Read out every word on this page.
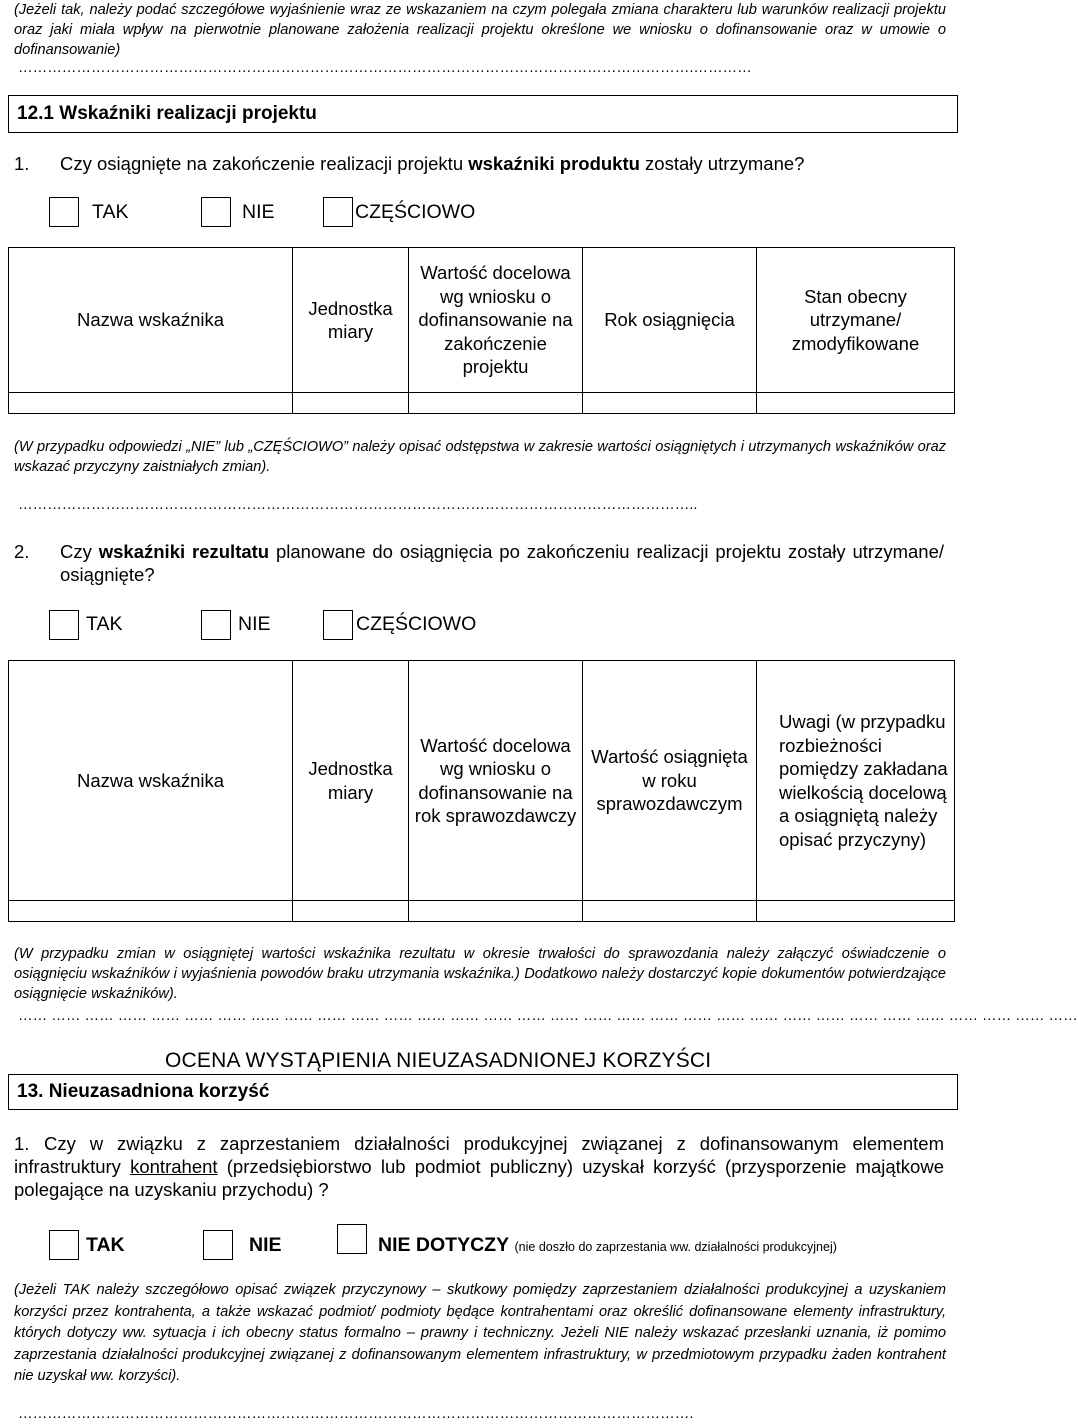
(Jeżeli tak, należy podać szczegółowe wyjaśnienie wraz ze wskazaniem na czym polegała zmiana charakteru lub warunków realizacji projektu oraz jaki miała wpływ na pierwotnie planowane założenia realizacji projektu określone we wniosku o dofinansowanie oraz w umowie o dofinansowanie)
………………………………………………………………………………………………………………………….…………
12.1 Wskaźniki realizacji projektu
1. Czy osiągnięte na zakończenie realizacji projektu wskaźniki produktu zostały utrzymane?
TAK	NIE	CZĘŚCIOWO
Nazwa wskaźnika	Jednostka miary	Wartość docelowa wg wniosku o dofinansowanie na zakończenie projektu	Rok osiągnięcia	Stan obecny utrzymane/ zmodyfikowane

(W przypadku odpowiedzi „NIE” lub „CZĘŚCIOWO” należy opisać odstępstwa w zakresie wartości osiągniętych i utrzymanych wskaźników oraz wskazać przyczyny zaistniałych zmian).
…………………………………………………………………………………………………………………………..
2.	Czy wskaźniki rezultatu planowane do osiągnięcia po zakończeniu realizacji projektu zostały utrzymane/ osiągnięte?
TAK	NIE	CZĘŚCIOWO
Nazwa wskaźnika	Jednostka miary	Wartość docelowa wg wniosku o dofinansowanie na rok sprawozdawczy	Wartość osiągnięta w roku sprawozdawczym	Uwagi (w przypadku rozbieżności pomiędzy zakładana wielkością docelową a osiągniętą należy opisać przyczyny)

(W przypadku zmian w osiągniętej wartości wskaźnika rezultatu w okresie trwałości do sprawozdania należy załączyć oświadczenie o osiągnięciu wskaźników i wyjaśnienia powodów braku utrzymania wskaźnika.) Dodatkowo należy dostarczyć kopie dokumentów potwierdzające osiągnięcie wskaźników).
…… …… …… …… …… …… …… …… …… …… …… …… …… …… …… …… …… …… …… …… …… …… …… …… …… …… …… …… …… …… …… ……
OCENA WYSTĄPIENIA NIEUZASADNIONEJ KORZYŚCI
13. Nieuzasadniona korzyść
1. Czy w związku z zaprzestaniem działalności produkcyjnej związanej z dofinansowanym elementem infrastruktury kontrahent (przedsiębiorstwo lub podmiot publiczny) uzyskał korzyść (przysporzenie majątkowe polegające na uzyskaniu przychodu) ?
TAK	NIE	NIE DOTYCZY (nie doszło do zaprzestania ww. działalności produkcyjnej)
(Jeżeli TAK należy szczegółowo opisać związek przyczynowy – skutkowy pomiędzy zaprzestaniem działalności produkcyjnej a uzyskaniem korzyści przez kontrahenta, a także wskazać podmiot/ podmioty będące kontrahentami oraz określić dofinansowane elementy infrastruktury, których dotyczy ww. sytuacja i ich obecny status formalno – prawny i techniczny. Jeżeli NIE należy wskazać przesłanki uznania, iż pomimo zaprzestania działalności produkcyjnej związanej z dofinansowanym elementem infrastruktury, w przedmiotowym przypadku żaden kontrahent nie uzyskał ww. korzyści).
………………………………………………………………………………………………………………………….
